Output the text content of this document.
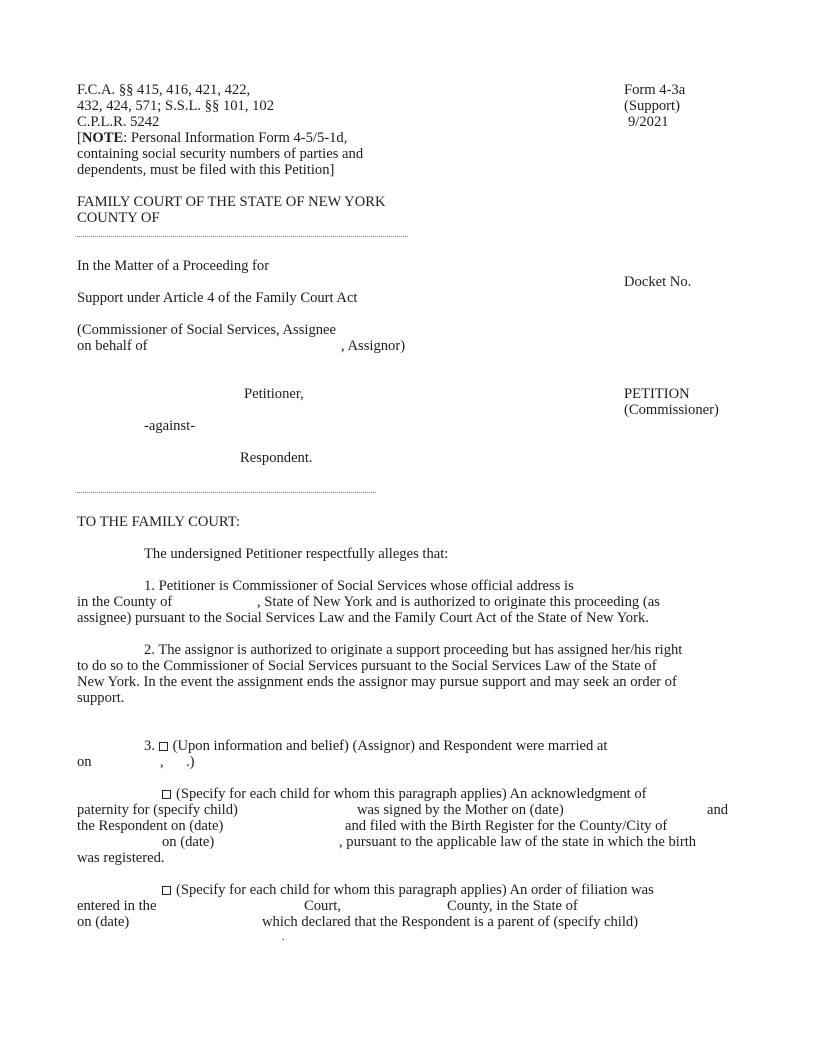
F.C.A. §§ 415, 416, 421, 422,
432, 424, 571; S.S.L. §§ 101, 102
C.P.L.R. 5242
[NOTE: Personal Information Form 4-5/5-1d,
containing social security numbers of parties and
dependents, must be filed with this Petition]
Form 4-3a
(Support)
9/2021
FAMILY COURT OF THE STATE OF NEW YORK
COUNTY OF
In the Matter of a Proceeding for
Docket No.
Support under Article 4 of the Family Court Act
(Commissioner of Social Services, Assignee
on behalf of	, Assignor)
Petitioner,	PETITION
(Commissioner)
-against-
Respondent.
TO THE FAMILY COURT:
The undersigned Petitioner respectfully alleges that:
1. Petitioner is Commissioner of Social Services whose official address is
in the County of	, State of New York and is authorized to originate this proceeding (as
assignee) pursuant to the Social Services Law and the Family Court Act of the State of New York.
2. The assignor is authorized to originate a support proceeding but has assigned her/his right
to do so to the Commissioner of Social Services pursuant to the Social Services Law of the State of
New York. In the event the assignment ends the assignor may pursue support and may seek an order of
support.
3. (Upon information and belief) (Assignor) and Respondent were married at
on	, .)
(Specify for each child for whom this paragraph applies) An acknowledgment of
paternity for (specify child)	was signed by the Mother on (date)	and
the Respondent on (date)	and filed with the Birth Register for the County/City of
on (date)	, pursuant to the applicable law of the state in which the birth
was registered.
(Specify for each child for whom this paragraph applies) An order of filiation was
entered in the	Court,	County, in the State of
on (date)	which declared that the Respondent is a parent of (specify child)
.
